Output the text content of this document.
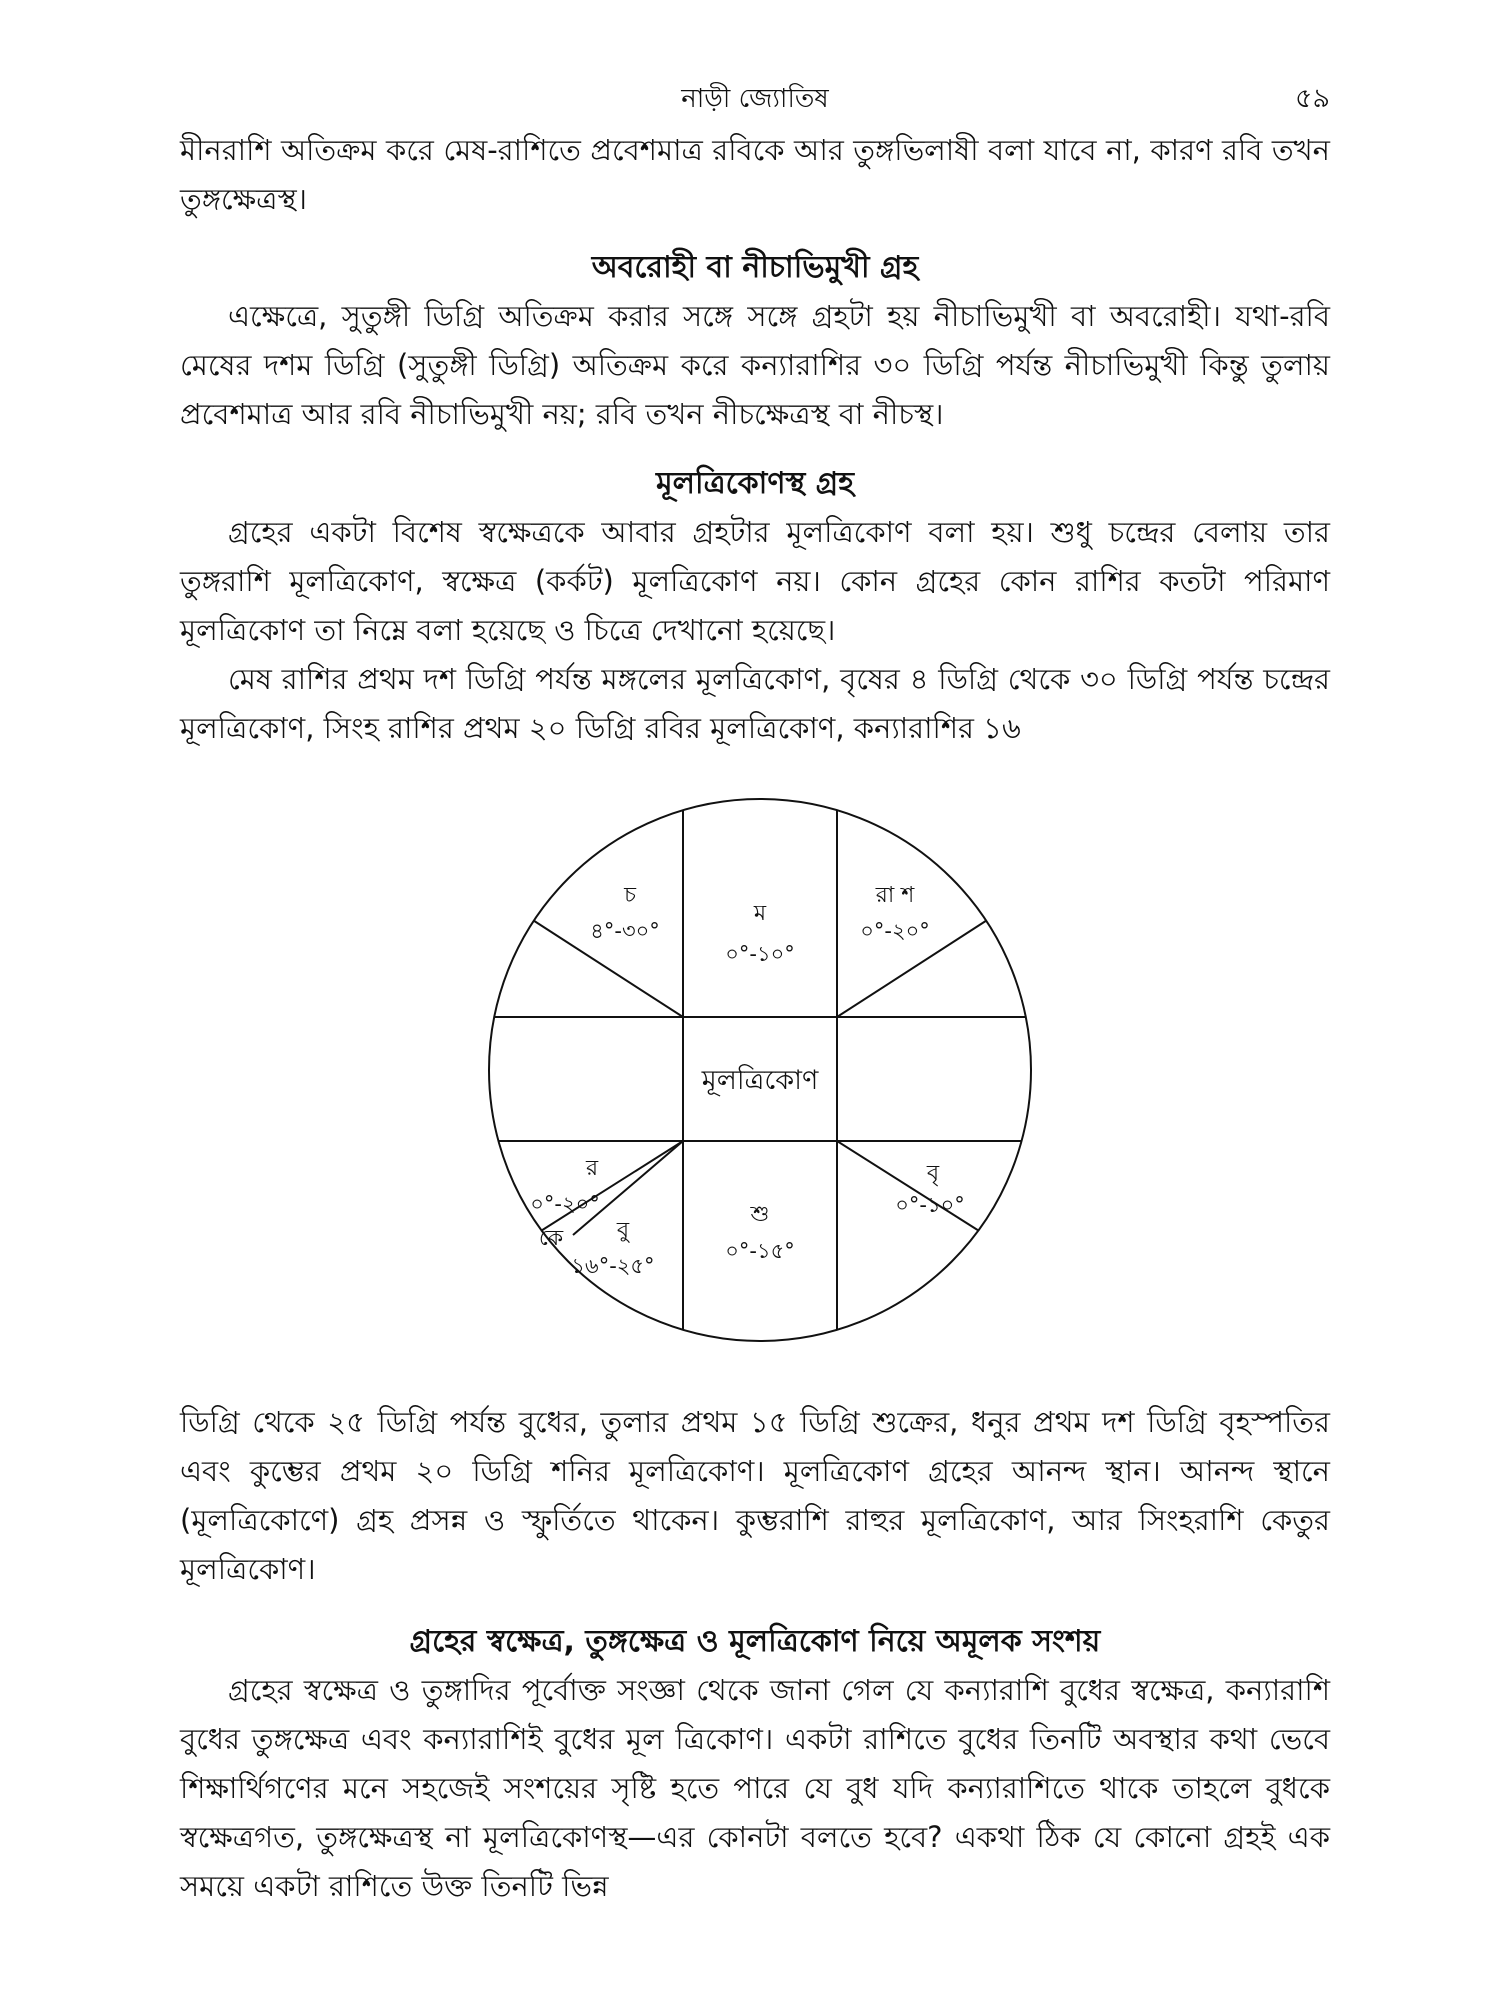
নাড়ী জ্যোতিষ	৫৯

মীনরাশি অতিক্রম করে মেষ-রাশিতে প্রবেশমাত্র রবিকে আর তুঙ্গভিলাষী বলা যাবে না, কারণ রবি তখন তুঙ্গক্ষেত্রস্থ।

অবরোহী বা নীচাভিমুখী গ্রহ

এক্ষেত্রে, সুতুঙ্গী ডিগ্রি অতিক্রম করার সঙ্গে সঙ্গে গ্রহটা হয় নীচাভিমুখী বা অবরোহী। যথা-রবি মেষের দশম ডিগ্রি (সুতুঙ্গী ডিগ্রি) অতিক্রম করে কন্যারাশির ৩০ ডিগ্রি পর্যন্ত নীচাভিমুখী কিন্তু তুলায় প্রবেশমাত্র আর রবি নীচাভিমুখী নয়; রবি তখন নীচক্ষেত্রস্থ বা নীচস্থ।

মূলত্রিকোণস্থ গ্রহ

গ্রহের একটা বিশেষ স্বক্ষেত্রকে আবার গ্রহটার মূলত্রিকোণ বলা হয়। শুধু চন্দ্রের বেলায় তার তুঙ্গরাশি মূলত্রিকোণ, স্বক্ষেত্র (কর্কট) মূলত্রিকোণ নয়। কোন গ্রহের কোন রাশির কতটা পরিমাণ মূলত্রিকোণ তা নিম্নে বলা হয়েছে ও চিত্রে দেখানো হয়েছে।

মেষ রাশির প্রথম দশ ডিগ্রি পর্যন্ত মঙ্গলের মূলত্রিকোণ, বৃষের ৪ ডিগ্রি থেকে ৩০ ডিগ্রি পর্যন্ত চন্দ্রের মূলত্রিকোণ, সিংহ রাশির প্রথম ২০ ডিগ্রি রবির মূলত্রিকোণ, কন্যারাশির ১৬

মূলত্রিকোণ
চ
৪°-৩০°
ম
০°-১০°
রা শ
০°-২০°
র
০°-২০°
কে বু
১৬°-২৫°
শু
০°-১৫°
বৃ
০°-১০°

ডিগ্রি থেকে ২৫ ডিগ্রি পর্যন্ত বুধের, তুলার প্রথম ১৫ ডিগ্রি শুক্রের, ধনুর প্রথম দশ ডিগ্রি বৃহস্পতির এবং কুম্ভের প্রথম ২০ ডিগ্রি শনির মূলত্রিকোণ। মূলত্রিকোণ গ্রহের আনন্দ স্থান। আনন্দ স্থানে (মূলত্রিকোণে) গ্রহ প্রসন্ন ও স্ফুর্তিতে থাকেন। কুম্ভরাশি রাহুর মূলত্রিকোণ, আর সিংহরাশি কেতুর মূলত্রিকোণ।

গ্রহের স্বক্ষেত্র, তুঙ্গক্ষেত্র ও মূলত্রিকোণ নিয়ে অমূলক সংশয়

গ্রহের স্বক্ষেত্র ও তুঙ্গাদির পূর্বোক্ত সংজ্ঞা থেকে জানা গেল যে কন্যারাশি বুধের স্বক্ষেত্র, কন্যারাশি বুধের তুঙ্গক্ষেত্র এবং কন্যারাশিই বুধের মূল ত্রিকোণ। একটা রাশিতে বুধের তিনটি অবস্থার কথা ভেবে শিক্ষার্থিগণের মনে সহজেই সংশয়ের সৃষ্টি হতে পারে যে বুধ যদি কন্যারাশিতে থাকে তাহলে বুধকে স্বক্ষেত্রগত, তুঙ্গক্ষেত্রস্থ না মূলত্রিকোণস্থ—এর কোনটা বলতে হবে? একথা ঠিক যে কোনো গ্রহই এক সময়ে একটা রাশিতে উক্ত তিনটি ভিন্ন
